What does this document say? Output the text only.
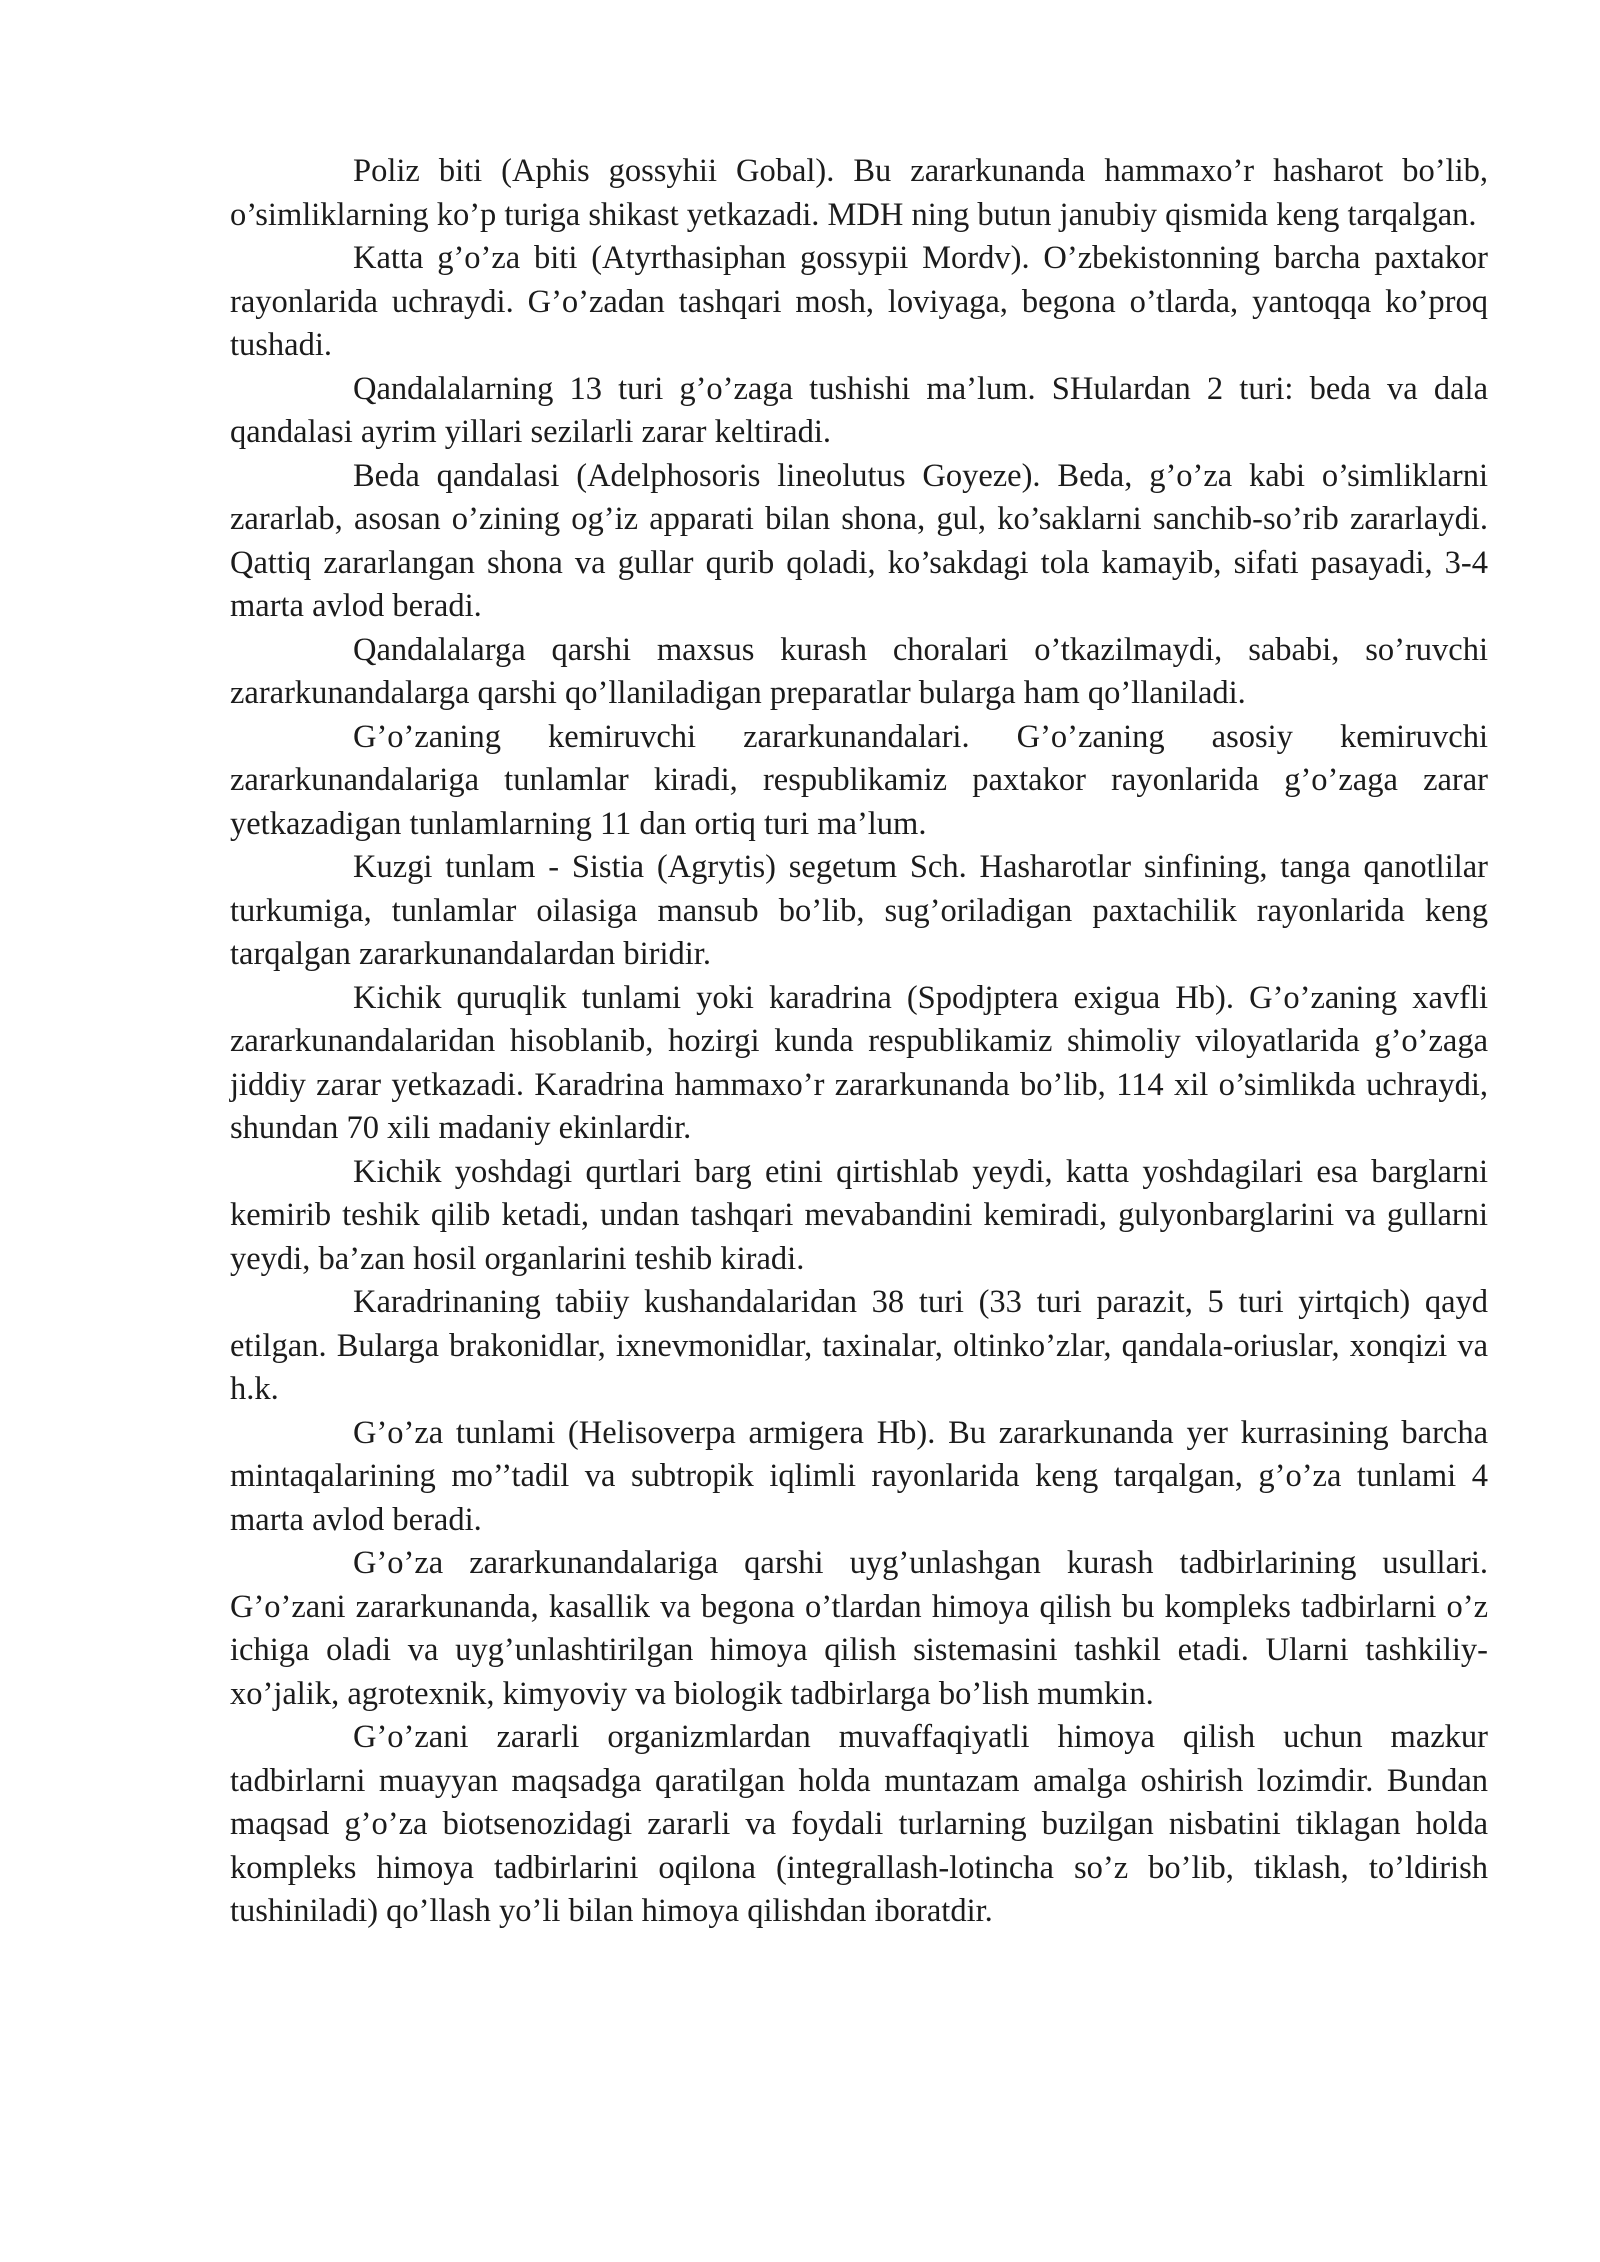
Poliz biti (Aphis gossyhii Gobal). Bu zararkunanda hammaxo’r hasharot bo’lib, o’simliklarning ko’p turiga shikast yetkazadi. MDH ning butun janubiy qismida keng tarqalgan.

Katta g’o’za biti (Atyrthasiphan gossypii Mordv). O’zbekistonning barcha paxtakor rayonlarida uchraydi. G’o’zadan tashqari mosh, loviyaga, begona o’tlarda, yantoqqa ko’proq tushadi.

Qandalalarning 13 turi g’o’zaga tushishi ma’lum. SHulardan 2 turi: beda va dala qandalasi ayrim yillari sezilarli zarar keltiradi.

Beda qandalasi (Adelphosoris lineolutus Goyeze). Beda, g’o’za kabi o’simliklarni zararlab, asosan o’zining og’iz apparati bilan shona, gul, ko’saklarni sanchib-so’rib zararlaydi. Qattiq zararlangan shona va gullar qurib qoladi, ko’sakdagi tola kamayib, sifati pasayadi, 3-4 marta avlod beradi.

Qandalalarga qarshi maxsus kurash choralari o’tkazilmaydi, sababi, so’ruvchi zararkunandalarga qarshi qo’llaniladigan preparatlar bularga ham qo’llaniladi.

G’o’zaning kemiruvchi zararkunandalari. G’o’zaning asosiy kemiruvchi zararkunandalariga tunlamlar kiradi, respublikamiz paxtakor rayonlarida g’o’zaga zarar yetkazadigan tunlamlarning 11 dan ortiq turi ma’lum.

Kuzgi tunlam - Sistia (Agrytis) segetum Sch. Hasharotlar sinfining, tanga qanotlilar turkumiga, tunlamlar oilasiga mansub bo’lib, sug’oriladigan paxtachilik rayonlarida keng tarqalgan zararkunandalardan biridir.

Kichik quruqlik tunlami yoki karadrina (Spodjptera exigua Hb). G’o’zaning xavfli zararkunandalaridan hisoblanib, hozirgi kunda respublikamiz shimoliy viloyatlarida g’o’zaga jiddiy zarar yetkazadi. Karadrina hammaxo’r zararkunanda bo’lib, 114 xil o’simlikda uchraydi, shundan 70 xili madaniy ekinlardir.

Kichik yoshdagi qurtlari barg etini qirtishlab yeydi, katta yoshdagilari esa barglarni kemirib teshik qilib ketadi, undan tashqari mevabandini kemiradi, gulyonbarglarini va gullarni yeydi, ba’zan hosil organlarini teshib kiradi.

Karadrinaning tabiiy kushandalaridan 38 turi (33 turi parazit, 5 turi yirtqich) qayd etilgan. Bularga brakonidlar, ixnevmonidlar, taxinalar, oltinko’zlar, qandala-oriuslar, xonqizi va h.k.

G’o’za tunlami (Helisoverpa armigera Hb). Bu zararkunanda yer kurrasining barcha mintaqalarining mo’’tadil va subtropik iqlimli rayonlarida keng tarqalgan, g’o’za tunlami 4 marta avlod beradi.

G’o’za zararkunandalariga qarshi uyg’unlashgan kurash tadbirlarining usullari. G’o’zani zararkunanda, kasallik va begona o’tlardan himoya qilish bu kompleks tadbirlarni o’z ichiga oladi va uyg’unlashtirilgan himoya qilish sistemasini tashkil etadi. Ularni tashkiliy-xo’jalik, agrotexnik, kimyoviy va biologik tadbirlarga bo’lish mumkin.

G’o’zani zararli organizmlardan muvaffaqiyatli himoya qilish uchun mazkur tadbirlarni muayyan maqsadga qaratilgan holda muntazam amalga oshirish lozimdir. Bundan maqsad g’o’za biotsenozidagi zararli va foydali turlarning buzilgan nisbatini tiklagan holda kompleks himoya tadbirlarini oqilona (integrallash-lotincha so’z bo’lib, tiklash, to’ldirish tushiniladi) qo’llash yo’li bilan himoya qilishdan iboratdir.
